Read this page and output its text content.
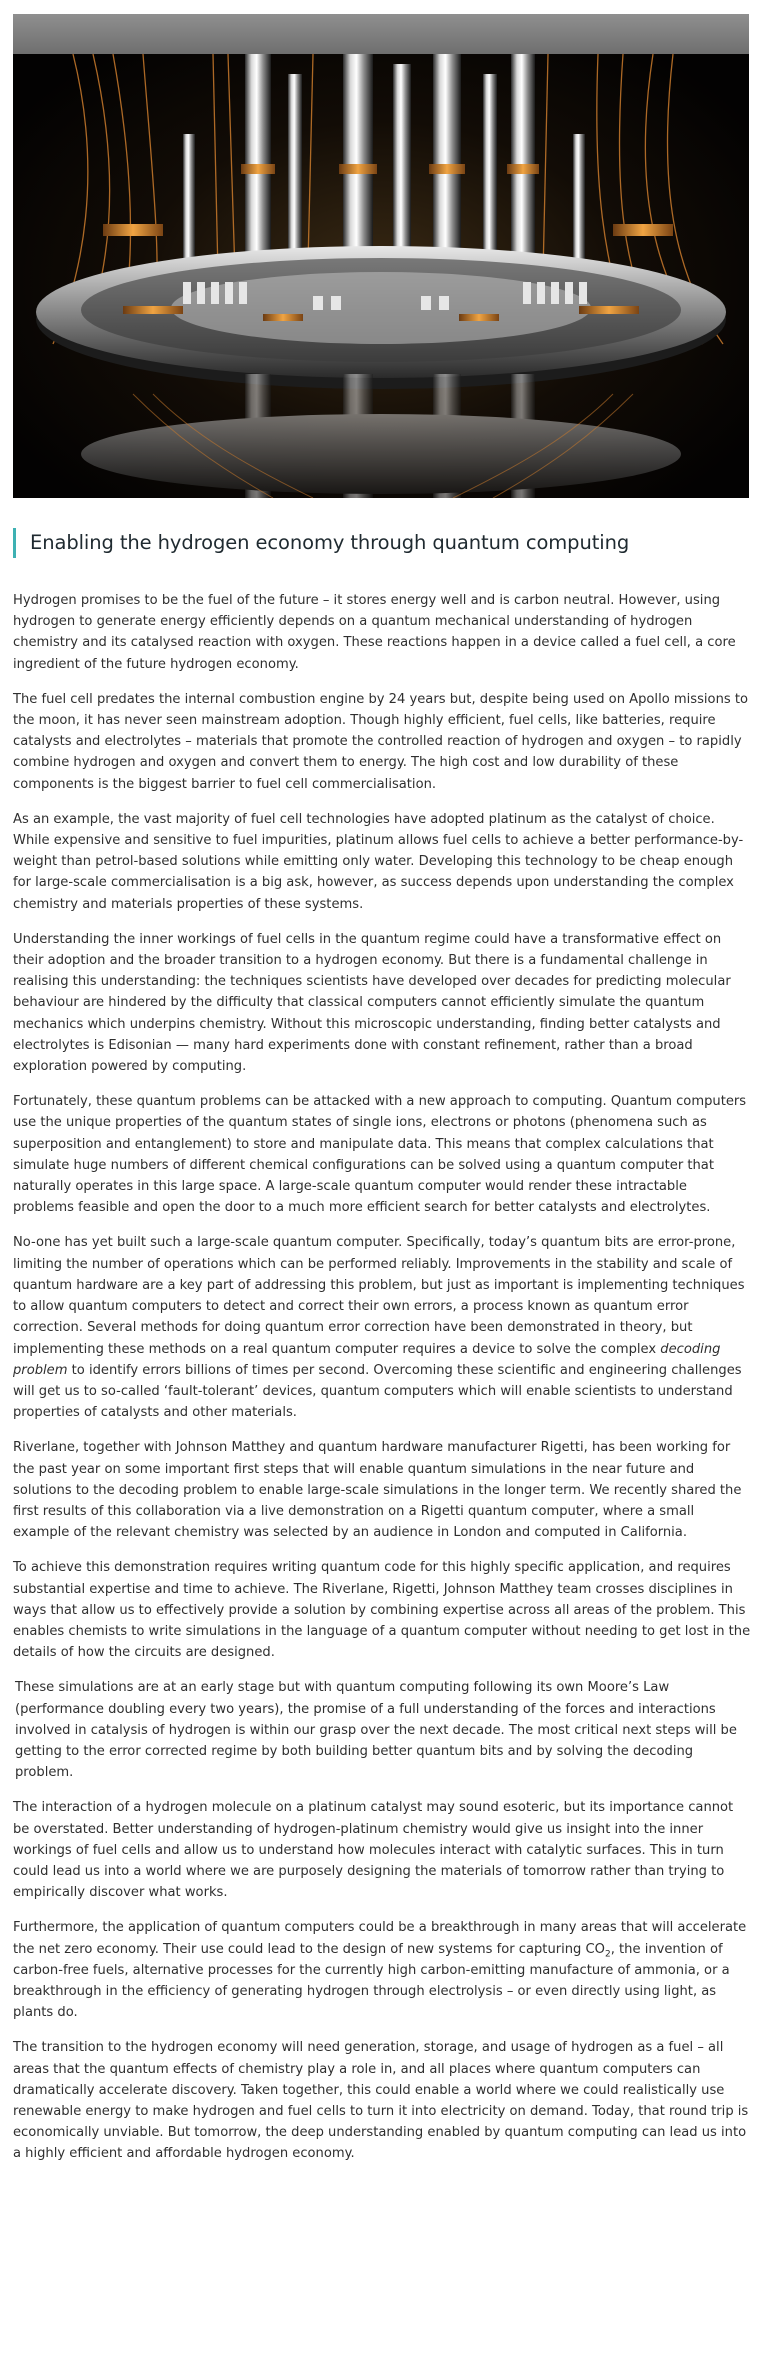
Enabling the hydrogen economy through quantum computing

Hydrogen promises to be the fuel of the future – it stores energy well and is carbon neutral. However, using hydrogen to generate energy efficiently depends on a quantum mechanical understanding of hydrogen chemistry and its catalysed reaction with oxygen. These reactions happen in a device called a fuel cell, a core ingredient of the future hydrogen economy.

The fuel cell predates the internal combustion engine by 24 years but, despite being used on Apollo missions to the moon, it has never seen mainstream adoption. Though highly efficient, fuel cells, like batteries, require catalysts and electrolytes – materials that promote the controlled reaction of hydrogen and oxygen – to rapidly combine hydrogen and oxygen and convert them to energy. The high cost and low durability of these components is the biggest barrier to fuel cell commercialisation.

As an example, the vast majority of fuel cell technologies have adopted platinum as the catalyst of choice. While expensive and sensitive to fuel impurities, platinum allows fuel cells to achieve a better performance-by-weight than petrol-based solutions while emitting only water. Developing this technology to be cheap enough for large-scale commercialisation is a big ask, however, as success depends upon understanding the complex chemistry and materials properties of these systems.

Understanding the inner workings of fuel cells in the quantum regime could have a transformative effect on their adoption and the broader transition to a hydrogen economy. But there is a fundamental challenge in realising this understanding: the techniques scientists have developed over decades for predicting molecular behaviour are hindered by the difficulty that classical computers cannot efficiently simulate the quantum mechanics which underpins chemistry. Without this microscopic understanding, finding better catalysts and electrolytes is Edisonian — many hard experiments done with constant refinement, rather than a broad exploration powered by computing.

Fortunately, these quantum problems can be attacked with a new approach to computing. Quantum computers use the unique properties of the quantum states of single ions, electrons or photons (phenomena such as superposition and entanglement) to store and manipulate data. This means that complex calculations that simulate huge numbers of different chemical configurations can be solved using a quantum computer that naturally operates in this large space. A large-scale quantum computer would render these intractable problems feasible and open the door to a much more efficient search for better catalysts and electrolytes.

No-one has yet built such a large-scale quantum computer. Specifically, today’s quantum bits are error-prone, limiting the number of operations which can be performed reliably. Improvements in the stability and scale of quantum hardware are a key part of addressing this problem, but just as important is implementing techniques to allow quantum computers to detect and correct their own errors, a process known as quantum error correction. Several methods for doing quantum error correction have been demonstrated in theory, but implementing these methods on a real quantum computer requires a device to solve the complex decoding problem to identify errors billions of times per second. Overcoming these scientific and engineering challenges will get us to so-called ‘fault-tolerant’ devices, quantum computers which will enable scientists to understand properties of catalysts and other materials.

Riverlane, together with Johnson Matthey and quantum hardware manufacturer Rigetti, has been working for the past year on some important first steps that will enable quantum simulations in the near future and solutions to the decoding problem to enable large-scale simulations in the longer term. We recently shared the first results of this collaboration via a live demonstration on a Rigetti quantum computer, where a small example of the relevant chemistry was selected by an audience in London and computed in California.

To achieve this demonstration requires writing quantum code for this highly specific application, and requires substantial expertise and time to achieve. The Riverlane, Rigetti, Johnson Matthey team crosses disciplines in ways that allow us to effectively provide a solution by combining expertise across all areas of the problem. This enables chemists to write simulations in the language of a quantum computer without needing to get lost in the details of how the circuits are designed.

These simulations are at an early stage but with quantum computing following its own Moore’s Law (performance doubling every two years), the promise of a full understanding of the forces and interactions involved in catalysis of hydrogen is within our grasp over the next decade. The most critical next steps will be getting to the error corrected regime by both building better quantum bits and by solving the decoding problem.

The interaction of a hydrogen molecule on a platinum catalyst may sound esoteric, but its importance cannot be overstated. Better understanding of hydrogen-platinum chemistry would give us insight into the inner workings of fuel cells and allow us to understand how molecules interact with catalytic surfaces. This in turn could lead us into a world where we are purposely designing the materials of tomorrow rather than trying to empirically discover what works.

Furthermore, the application of quantum computers could be a breakthrough in many areas that will accelerate the net zero economy. Their use could lead to the design of new systems for capturing $CO_2$, the invention of carbon-free fuels, alternative processes for the currently high carbon-emitting manufacture of ammonia, or a breakthrough in the efficiency of generating hydrogen through electrolysis – or even directly using light, as plants do.

The transition to the hydrogen economy will need generation, storage, and usage of hydrogen as a fuel – all areas that the quantum effects of chemistry play a role in, and all places where quantum computers can dramatically accelerate discovery. Taken together, this could enable a world where we could realistically use renewable energy to make hydrogen and fuel cells to turn it into electricity on demand. Today, that round trip is economically unviable. But tomorrow, the deep understanding enabled by quantum computing can lead us into a highly efficient and affordable hydrogen economy.
